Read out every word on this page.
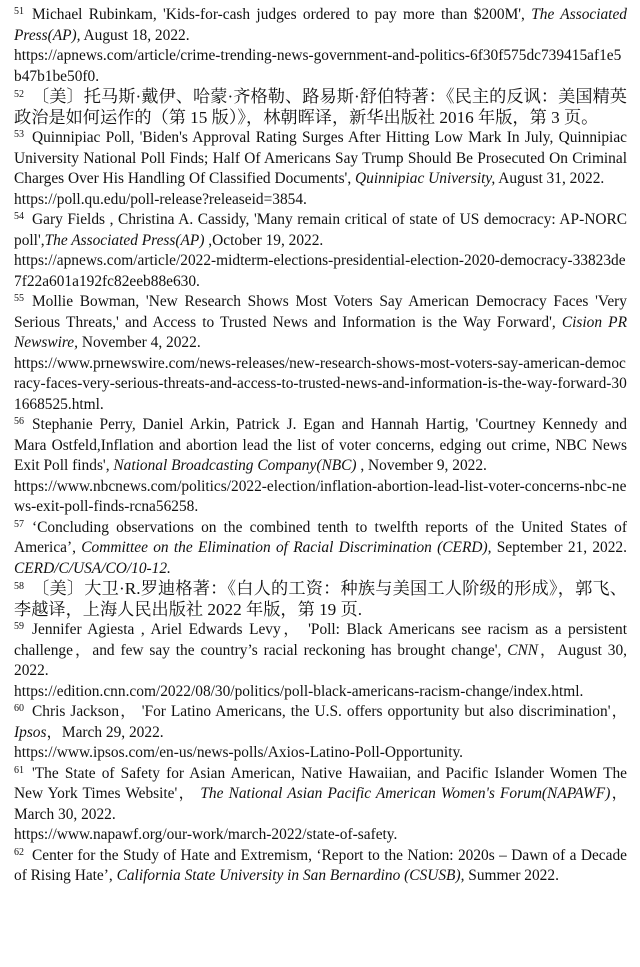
$^{51}$ Michael Rubinkam, 'Kids-for-cash judges ordered to pay more than $200M', The Associated Press(AP), August 18, 2022.
https://apnews.com/article/crime-trending-news-government-and-politics-6f30f575dc739415af1e5b47b1be50f0.
$^{52}$ 〔美〕托马斯·戴伊、哈蒙·齐格勒、路易斯·舒伯特著：《民主的反讽：美国精英政治是如何运作的（第 15 版）》，林朝晖译，新华出版社 2016 年版，第 3 页。
$^{53}$ Quinnipiac Poll, 'Biden's Approval Rating Surges After Hitting Low Mark In July, Quinnipiac University National Poll Finds; Half Of Americans Say Trump Should Be Prosecuted On Criminal Charges Over His Handling Of Classified Documents', Quinnipiac University, August 31, 2022.
https://poll.qu.edu/poll-release?releaseid=3854.
$^{54}$ Gary Fields , Christina A. Cassidy, 'Many remain critical of state of US democracy: AP-NORC poll',The Associated Press(AP) ,October 19, 2022.
https://apnews.com/article/2022-midterm-elections-presidential-election-2020-democracy-33823de7f22a601a192fc82eeb88e630.
$^{55}$ Mollie Bowman, 'New Research Shows Most Voters Say American Democracy Faces 'Very Serious Threats,' and Access to Trusted News and Information is the Way Forward', Cision PR Newswire, November 4, 2022.
https://www.prnewswire.com/news-releases/new-research-shows-most-voters-say-american-democracy-faces-very-serious-threats-and-access-to-trusted-news-and-information-is-the-way-forward-301668525.html.
$^{56}$ Stephanie Perry, Daniel Arkin, Patrick J. Egan and Hannah Hartig, 'Courtney Kennedy and Mara Ostfeld,Inflation and abortion lead the list of voter concerns, edging out crime, NBC News Exit Poll finds', National Broadcasting Company(NBC) , November 9, 2022.
https://www.nbcnews.com/politics/2022-election/inflation-abortion-lead-list-voter-concerns-nbc-news-exit-poll-finds-rcna56258.
$^{57}$ ‘Concluding observations on the combined tenth to twelfth reports of the United States of America’, Committee on the Elimination of Racial Discrimination (CERD), September 21, 2022. CERD/C/USA/CO/10-12.
$^{58}$ 〔美〕大卫·R.罗迪格著：《白人的工资：种族与美国工人阶级的形成》，郭飞、李越译，上海人民出版社 2022 年版，第 19 页.
$^{59}$ Jennifer Agiesta , Ariel Edwards Levy， 'Poll: Black Americans see racism as a persistent challenge，and few say the country’s racial reckoning has brought change', CNN，August 30, 2022.
https://edition.cnn.com/2022/08/30/politics/poll-black-americans-racism-change/index.html.
$^{60}$ Chris Jackson， 'For Latino Americans, the U.S. offers opportunity but also discrimination'，Ipsos，March 29, 2022.
https://www.ipsos.com/en-us/news-polls/Axios-Latino-Poll-Opportunity.
$^{61}$ 'The State of Safety for Asian American, Native Hawaiian, and Pacific Islander Women The New York Times Website'， The National Asian Pacific American Women's Forum(NAPAWF)，March 30, 2022.
https://www.napawf.org/our-work/march-2022/state-of-safety.
$^{62}$ Center for the Study of Hate and Extremism, ‘Report to the Nation: 2020s – Dawn of a Decade of Rising Hate’, California State University in San Bernardino (CSUSB), Summer 2022.
